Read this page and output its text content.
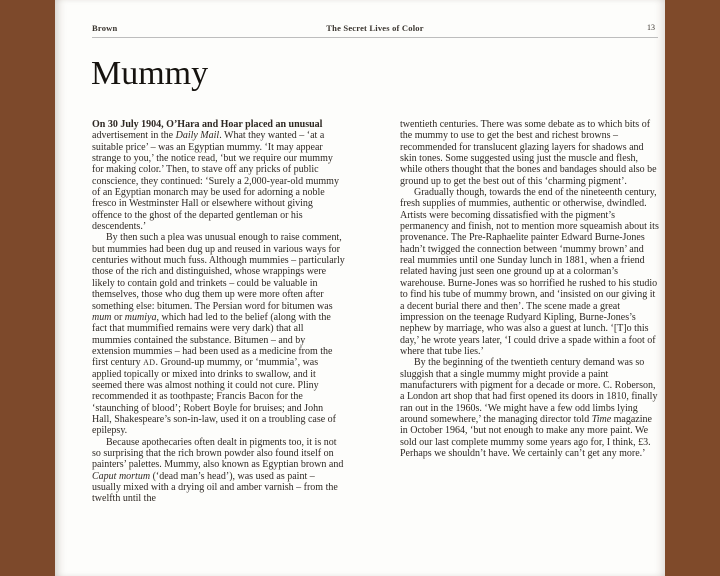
Brown	The Secret Lives of Color	13
Mummy

On 30 July 1904, O’Hara and Hoar placed an unusual advertisement in the Daily Mail. What they wanted – ‘at a suitable price’ – was an Egyptian mummy. ‘It may appear strange to you,’ the notice read, ‘but we require our mummy for making color.’ Then, to stave off any pricks of public conscience, they continued: ‘Surely a 2,000-year-old mummy of an Egyptian monarch may be used for adorning a noble fresco in Westminster Hall or elsewhere without giving offence to the ghost of the departed gentleman or his descendents.’

By then such a plea was unusual enough to raise comment, but mummies had been dug up and reused in various ways for centuries without much fuss. Although mummies – particularly those of the rich and distinguished, whose wrappings were likely to contain gold and trinkets – could be valuable in themselves, those who dug them up were more often after something else: bitumen. The Persian word for bitumen was mum or mumiya, which had led to the belief (along with the fact that mummified remains were very dark) that all mummies contained the substance. Bitumen – and by extension mummies – had been used as a medicine from the first century AD. Ground-up mummy, or ‘mummia’, was applied topically or mixed into drinks to swallow, and it seemed there was almost nothing it could not cure. Pliny recommended it as toothpaste; Francis Bacon for the ‘staunching of blood’; Robert Boyle for bruises; and John Hall, Shakespeare’s son-in-law, used it on a troubling case of epilepsy.

Because apothecaries often dealt in pigments too, it is not so surprising that the rich brown powder also found itself on painters’ palettes. Mummy, also known as Egyptian brown and Caput mortum (‘dead man’s head’), was used as paint – usually mixed with a drying oil and amber varnish – from the twelfth until the

twentieth centuries. There was some debate as to which bits of the mummy to use to get the best and richest browns – recommended for translucent glazing layers for shadows and skin tones. Some suggested using just the muscle and flesh, while others thought that the bones and bandages should also be ground up to get the best out of this ‘charming pigment’.

Gradually though, towards the end of the nineteenth century, fresh supplies of mummies, authentic or otherwise, dwindled. Artists were becoming dissatisfied with the pigment’s permanency and finish, not to mention more squeamish about its provenance. The Pre-Raphaelite painter Edward Burne-Jones hadn’t twigged the connection between ‘mummy brown’ and real mummies until one Sunday lunch in 1881, when a friend related having just seen one ground up at a colorman’s warehouse. Burne-Jones was so horrified he rushed to his studio to find his tube of mummy brown, and ‘insisted on our giving it a decent burial there and then’. The scene made a great impression on the teenage Rudyard Kipling, Burne-Jones’s nephew by marriage, who was also a guest at lunch. ‘[T]o this day,’ he wrote years later, ‘I could drive a spade within a foot of where that tube lies.’

By the beginning of the twentieth century demand was so sluggish that a single mummy might provide a paint manufacturers with pigment for a decade or more. C. Roberson, a London art shop that had first opened its doors in 1810, finally ran out in the 1960s. ‘We might have a few odd limbs lying around somewhere,’ the managing director told Time magazine in October 1964, ‘but not enough to make any more paint. We sold our last complete mummy some years ago for, I think, £3. Perhaps we shouldn’t have. We certainly can’t get any more.’
